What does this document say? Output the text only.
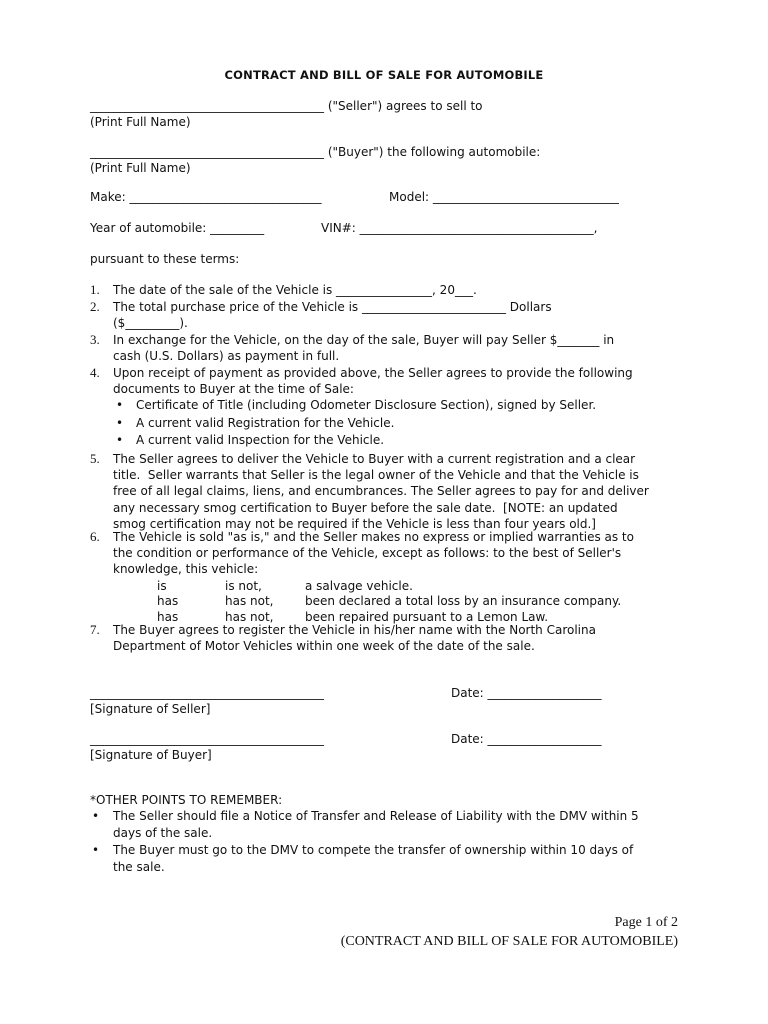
CONTRACT AND BILL OF SALE FOR AUTOMOBILE
_______________________________________ ("Seller") agrees to sell to
(Print Full Name)
_______________________________________ ("Buyer") the following automobile:
(Print Full Name)
Make: ________________________________	Model: _______________________________
Year of automobile: _________	VIN#: _______________________________________,
pursuant to these terms:
1. The date of the sale of the Vehicle is ________________, 20___.
2. The total purchase price of the Vehicle is ________________________ Dollars
($_________).
3. In exchange for the Vehicle, on the day of the sale, Buyer will pay Seller $_______ in
cash (U.S. Dollars) as payment in full.
4. Upon receipt of payment as provided above, the Seller agrees to provide the following
documents to Buyer at the time of Sale:
• Certificate of Title (including Odometer Disclosure Section), signed by Seller.
• A current valid Registration for the Vehicle.
• A current valid Inspection for the Vehicle.
5. The Seller agrees to deliver the Vehicle to Buyer with a current registration and a clear
title.  Seller warrants that Seller is the legal owner of the Vehicle and that the Vehicle is
free of all legal claims, liens, and encumbrances. The Seller agrees to pay for and deliver
any necessary smog certification to Buyer before the sale date.  [NOTE: an updated
smog certification may not be required if the Vehicle is less than four years old.]
6. The Vehicle is sold "as is," and the Seller makes no express or implied warranties as to
the condition or performance of the Vehicle, except as follows: to the best of Seller's
knowledge, this vehicle:
is	is not,	a salvage vehicle.
has	has not,	been declared a total loss by an insurance company.
has	has not,	been repaired pursuant to a Lemon Law.
7. The Buyer agrees to register the Vehicle in his/her name with the North Carolina
Department of Motor Vehicles within one week of the date of the sale.
_______________________________________	Date: ___________________
[Signature of Seller]
_______________________________________	Date: ___________________
[Signature of Buyer]
*OTHER POINTS TO REMEMBER:
• The Seller should file a Notice of Transfer and Release of Liability with the DMV within 5
days of the sale.
• The Buyer must go to the DMV to compete the transfer of ownership within 10 days of
the sale.
Page 1 of 2
(CONTRACT AND BILL OF SALE FOR AUTOMOBILE)
